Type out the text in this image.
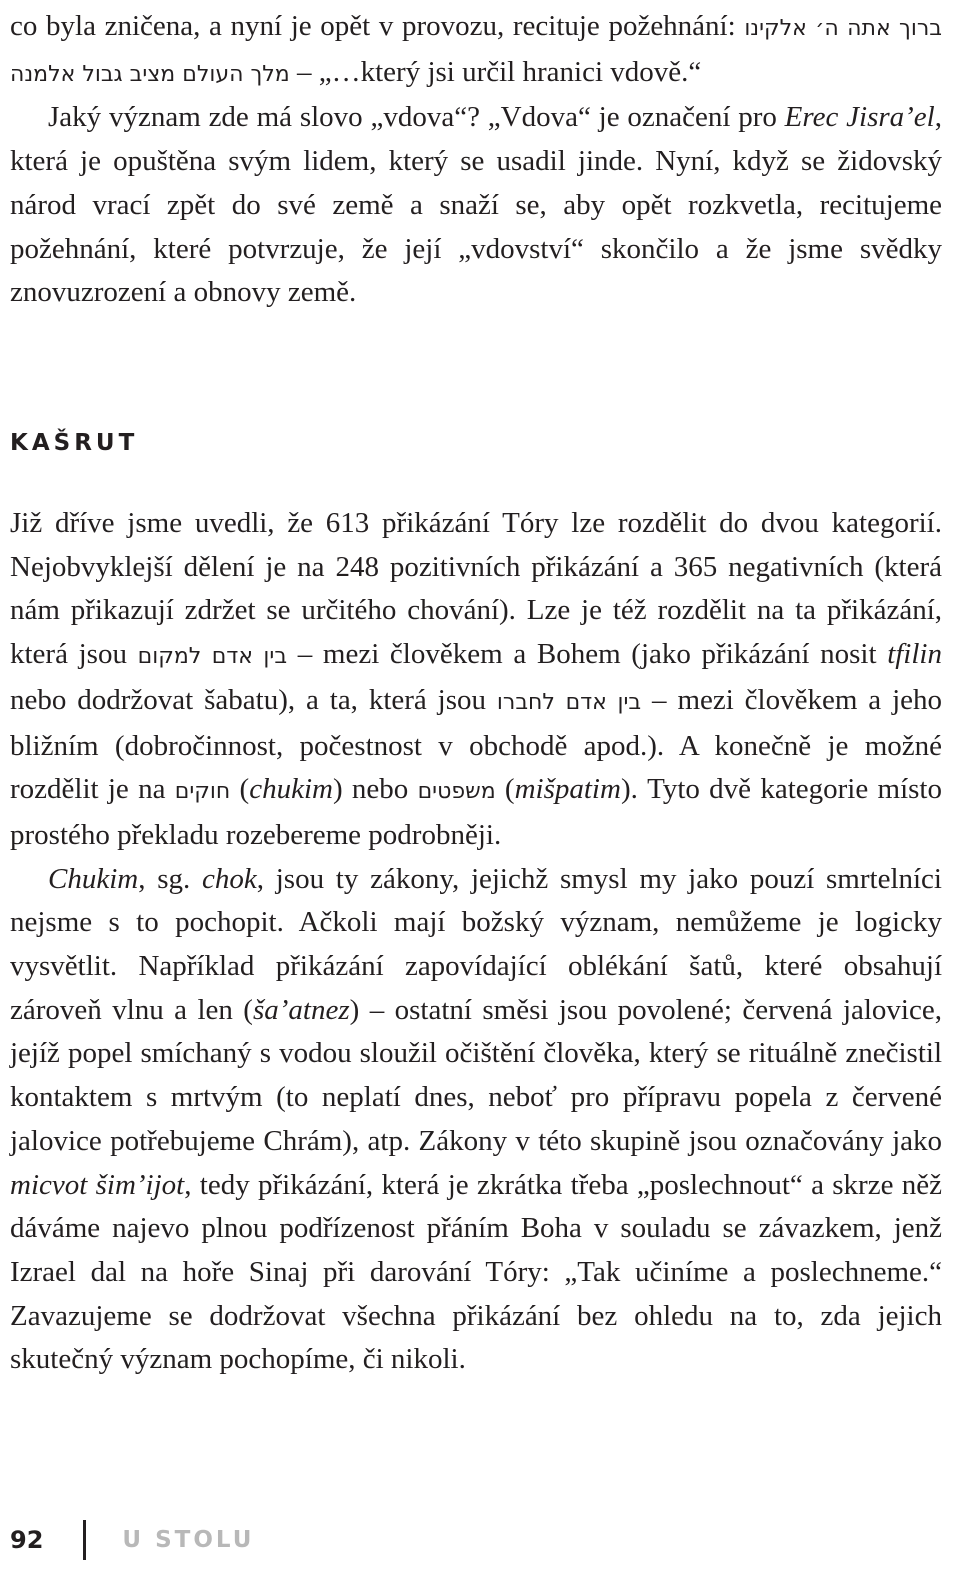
co byla zničena, a nyní je opět v provozu, recituje požehnání: ברוך אתה ה׳ אלקינו מלך העולם מציב גבול אלמנה – „…který jsi určil hranici vdově.“

Jaký význam zde má slovo „vdova“? „Vdova“ je označení pro Erec Jisra’el, která je opuštěna svým lidem, který se usadil jinde. Nyní, když se židovský národ vrací zpět do své země a snaží se, aby opět rozkvetla, recitujeme požehnání, které potvrzuje, že její „vdovství“ skončilo a že jsme svědky znovuzrození a obnovy země.

KAŠRUT

Již dříve jsme uvedli, že 613 přikázání Tóry lze rozdělit do dvou kategorií. Nejobvyklejší dělení je na 248 pozitivních přikázání a 365 negativních (která nám přikazují zdržet se určitého chování). Lze je též rozdělit na ta přikázání, která jsou בין אדם למקום – mezi člověkem a Bohem (jako přikázání nosit tfilin nebo dodržovat šabatu), a ta, která jsou בין אדם לחברו – mezi člověkem a jeho bližním (dobročinnost, počestnost v obchodě apod.). A konečně je možné rozdělit je na חוקים (chukim) nebo משפטים (mišpatim). Tyto dvě kategorie místo prostého překladu rozebereme podrobněji.

Chukim, sg. chok, jsou ty zákony, jejichž smysl my jako pouzí smrtelníci nejsme s to pochopit. Ačkoli mají božský význam, nemůžeme je logicky vysvětlit. Například přikázání zapovídající oblékání šatů, které obsahují zároveň vlnu a len (ša’atnez) – ostatní směsi jsou povolené; červená jalovice, jejíž popel smíchaný s vodou sloužil očištění člověka, který se rituálně znečistil kontaktem s mrtvým (to neplatí dnes, neboť pro přípravu popela z červené jalovice potřebujeme Chrám), atp. Zákony v této skupině jsou označovány jako micvot šim’ijot, tedy přikázání, která je zkrátka třeba „poslechnout“ a skrze něž dáváme najevo plnou podřízenost přáním Boha v souladu se závazkem, jenž Izrael dal na hoře Sinaj při darování Tóry: „Tak učiníme a poslechneme.“ Zavazujeme se dodržovat všechna přikázání bez ohledu na to, zda jejich skutečný význam pochopíme, či nikoli.

92	U STOLU
